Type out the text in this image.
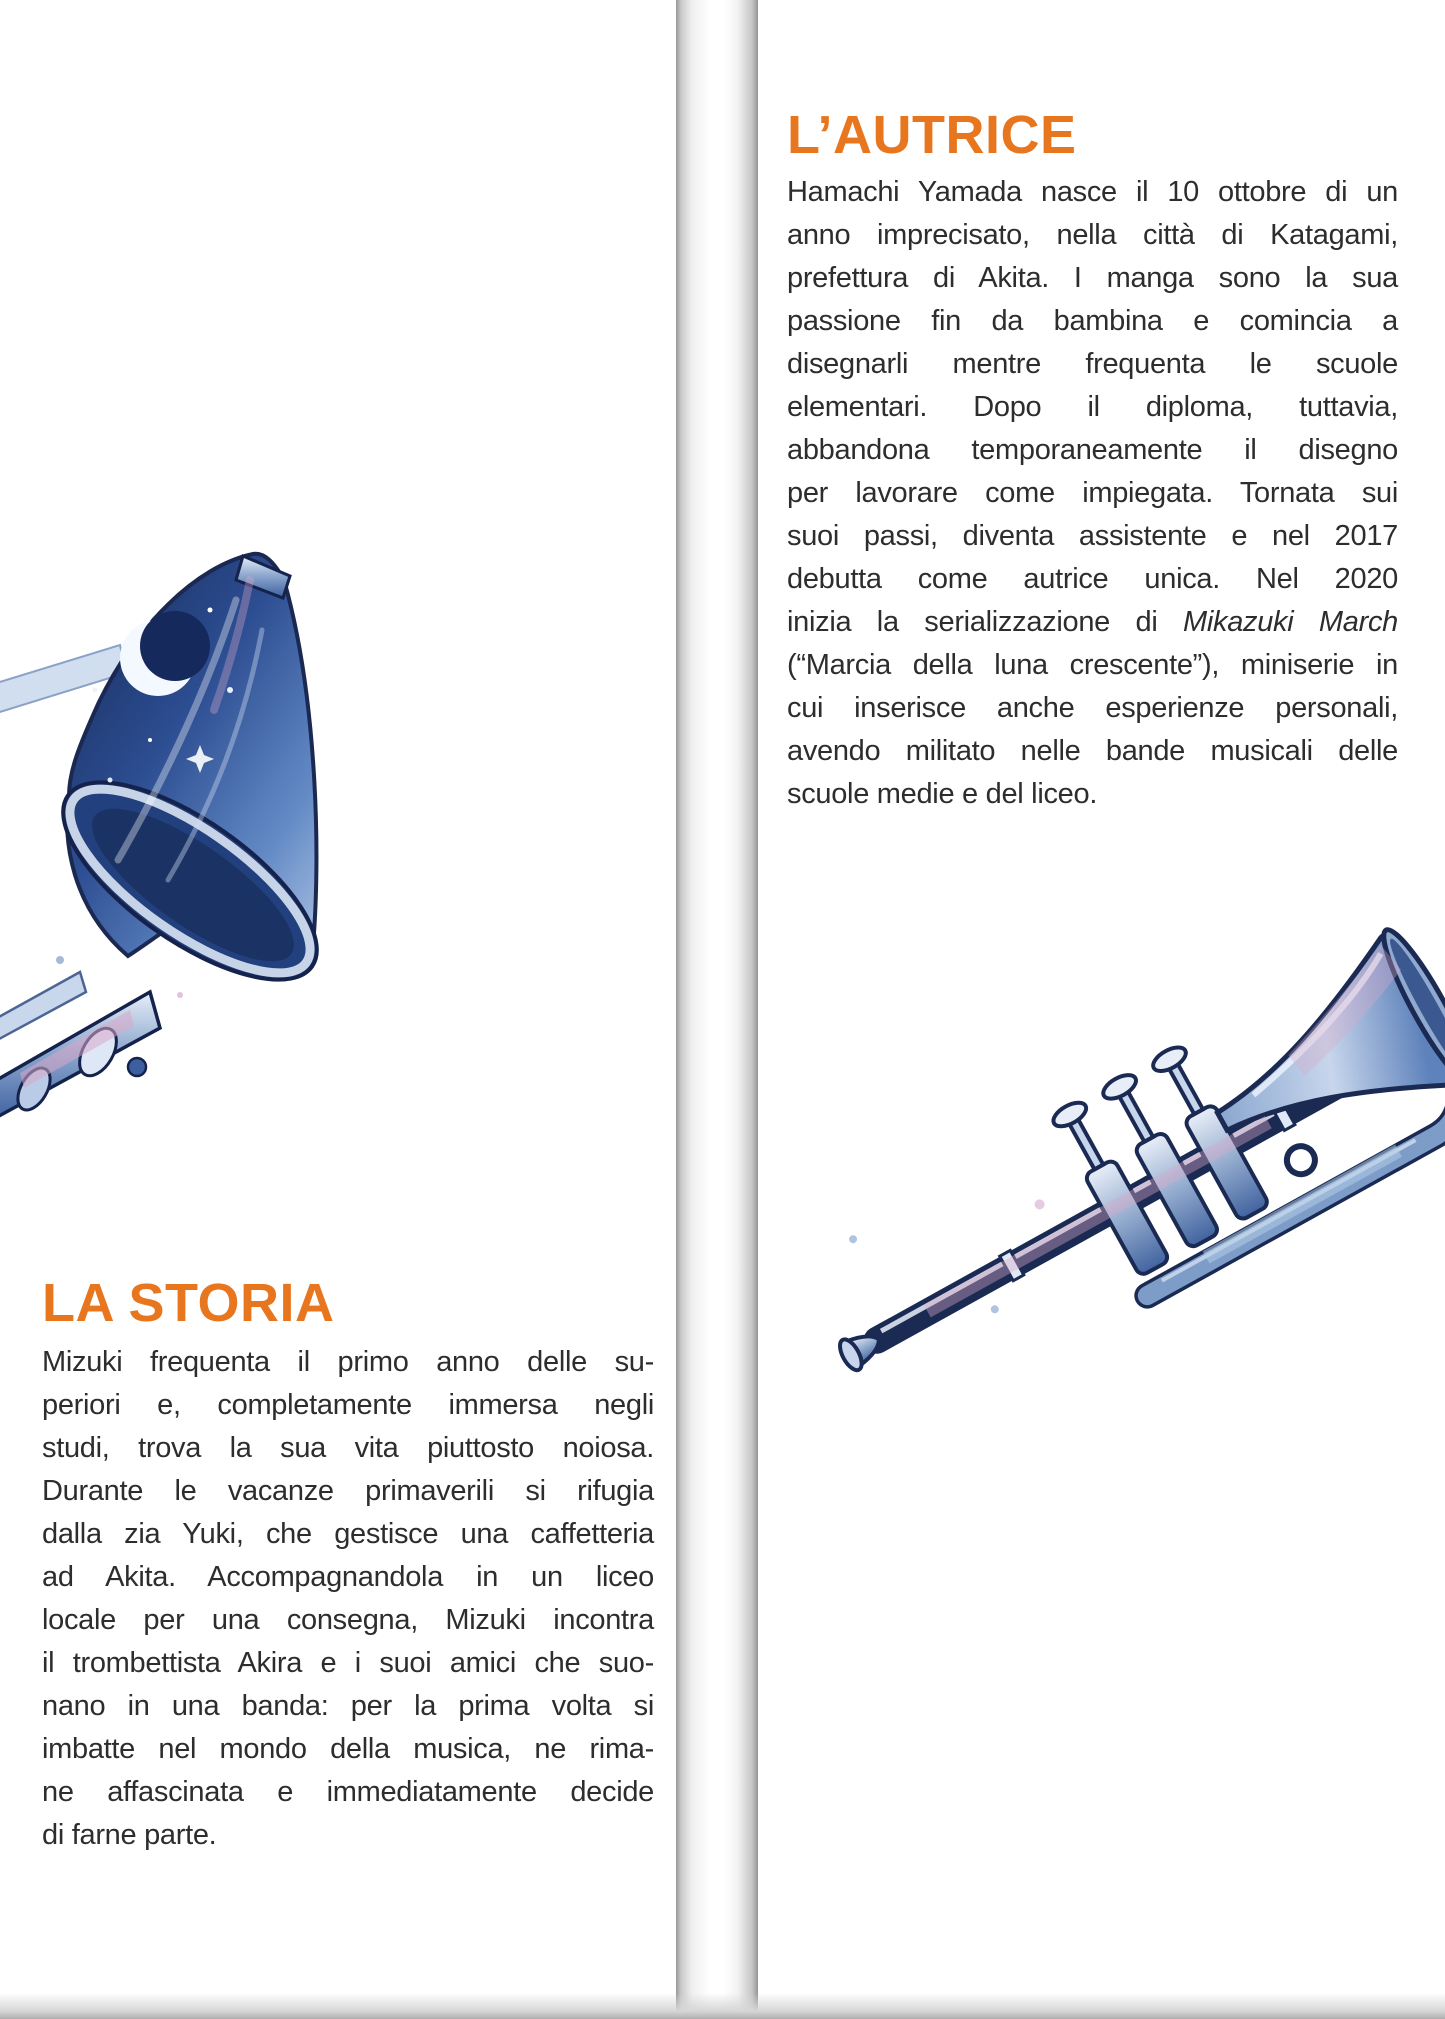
LA STORIA
Mizuki frequenta il primo anno delle su-
periori e, completamente immersa negli
studi, trova la sua vita piuttosto noiosa.
Durante le vacanze primaverili si rifugia
dalla zia Yuki, che gestisce una caffetteria
ad Akita. Accompagnandola in un liceo
locale per una consegna, Mizuki incontra
il trombettista Akira e i suoi amici che suo-
nano in una banda: per la prima volta si
imbatte nel mondo della musica, ne rima-
ne affascinata e immediatamente decide
di farne parte.
L’AUTRICE
Hamachi Yamada nasce il 10 ottobre di un
anno imprecisato, nella città di Katagami,
prefettura di Akita. I manga sono la sua
passione fin da bambina e comincia a
disegnarli mentre frequenta le scuole
elementari. Dopo il diploma, tuttavia,
abbandona temporaneamente il disegno
per lavorare come impiegata. Tornata sui
suoi passi, diventa assistente e nel 2017
debutta come autrice unica. Nel 2020
inizia la serializzazione di Mikazuki March
(“Marcia della luna crescente”), miniserie in
cui inserisce anche esperienze personali,
avendo militato nelle bande musicali delle
scuole medie e del liceo.
